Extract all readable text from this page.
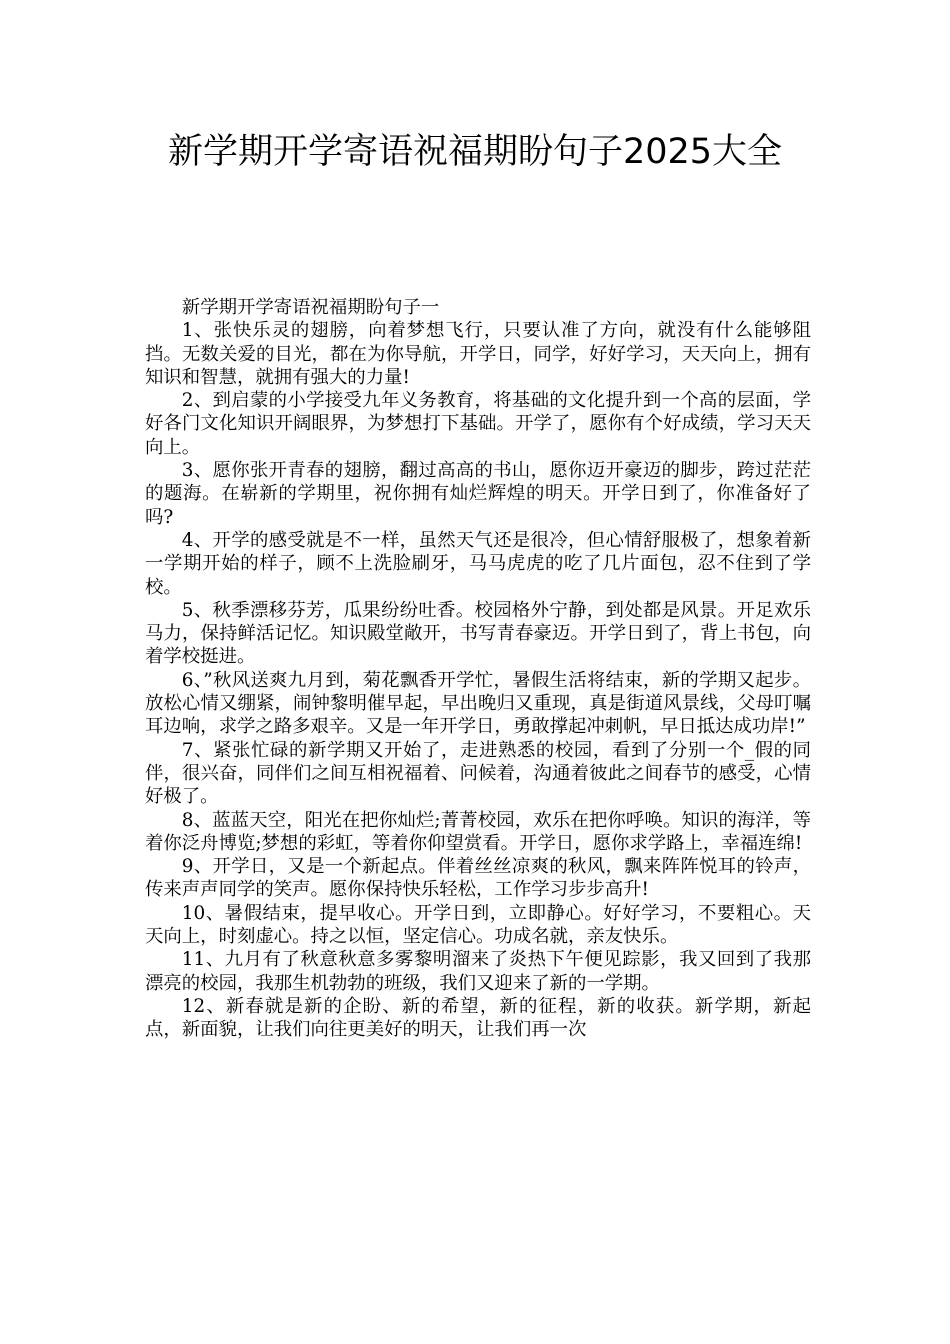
新学期开学寄语祝福期盼句子2025大全

新学期开学寄语祝福期盼句子一

1、张快乐灵的翅膀，向着梦想飞行，只要认准了方向，就没有什么能够阻挡。无数关爱的目光，都在为你导航，开学日，同学，好好学习，天天向上，拥有知识和智慧，就拥有强大的力量!

2、到启蒙的小学接受九年义务教育，将基础的文化提升到一个高的层面，学好各门文化知识开阔眼界，为梦想打下基础。开学了，愿你有个好成绩，学习天天向上。

3、愿你张开青春的翅膀，翻过高高的书山，愿你迈开豪迈的脚步，跨过茫茫的题海。在崭新的学期里，祝你拥有灿烂辉煌的明天。开学日到了，你准备好了吗?

4、开学的感受就是不一样，虽然天气还是很冷，但心情舒服极了，想象着新一学期开始的样子，顾不上洗脸刷牙，马马虎虎的吃了几片面包，忍不住到了学校。

5、秋季漂移芬芳，瓜果纷纷吐香。校园格外宁静，到处都是风景。开足欢乐马力，保持鲜活记忆。知识殿堂敞开，书写青春豪迈。开学日到了，背上书包，向着学校挺进。

6、”秋风送爽九月到，菊花飘香开学忙，暑假生活将结束，新的学期又起步。放松心情又绷紧，闹钟黎明催早起，早出晚归又重现，真是街道风景线，父母叮嘱耳边响，求学之路多艰辛。又是一年开学日，勇敢撑起冲刺帆，早日抵达成功岸!”

7、紧张忙碌的新学期又开始了，走进熟悉的校园，看到了分别一个_假的同伴，很兴奋，同伴们之间互相祝福着、问候着，沟通着彼此之间春节的感受，心情好极了。

8、蓝蓝天空，阳光在把你灿烂;菁菁校园，欢乐在把你呼唤。知识的海洋，等着你泛舟博览;梦想的彩虹，等着你仰望赏看。开学日，愿你求学路上，幸福连绵!

9、开学日，又是一个新起点。伴着丝丝凉爽的秋风，飘来阵阵悦耳的铃声，传来声声同学的笑声。愿你保持快乐轻松，工作学习步步高升!

10、暑假结束，提早收心。开学日到，立即静心。好好学习，不要粗心。天天向上，时刻虚心。持之以恒，坚定信心。功成名就，亲友快乐。

11、九月有了秋意秋意多雾黎明溜来了炎热下午便见踪影，我又回到了我那漂亮的校园，我那生机勃勃的班级，我们又迎来了新的一学期。

12、新春就是新的企盼、新的希望，新的征程，新的收获。新学期，新起点，新面貌，让我们向往更美好的明天，让我们再一次
